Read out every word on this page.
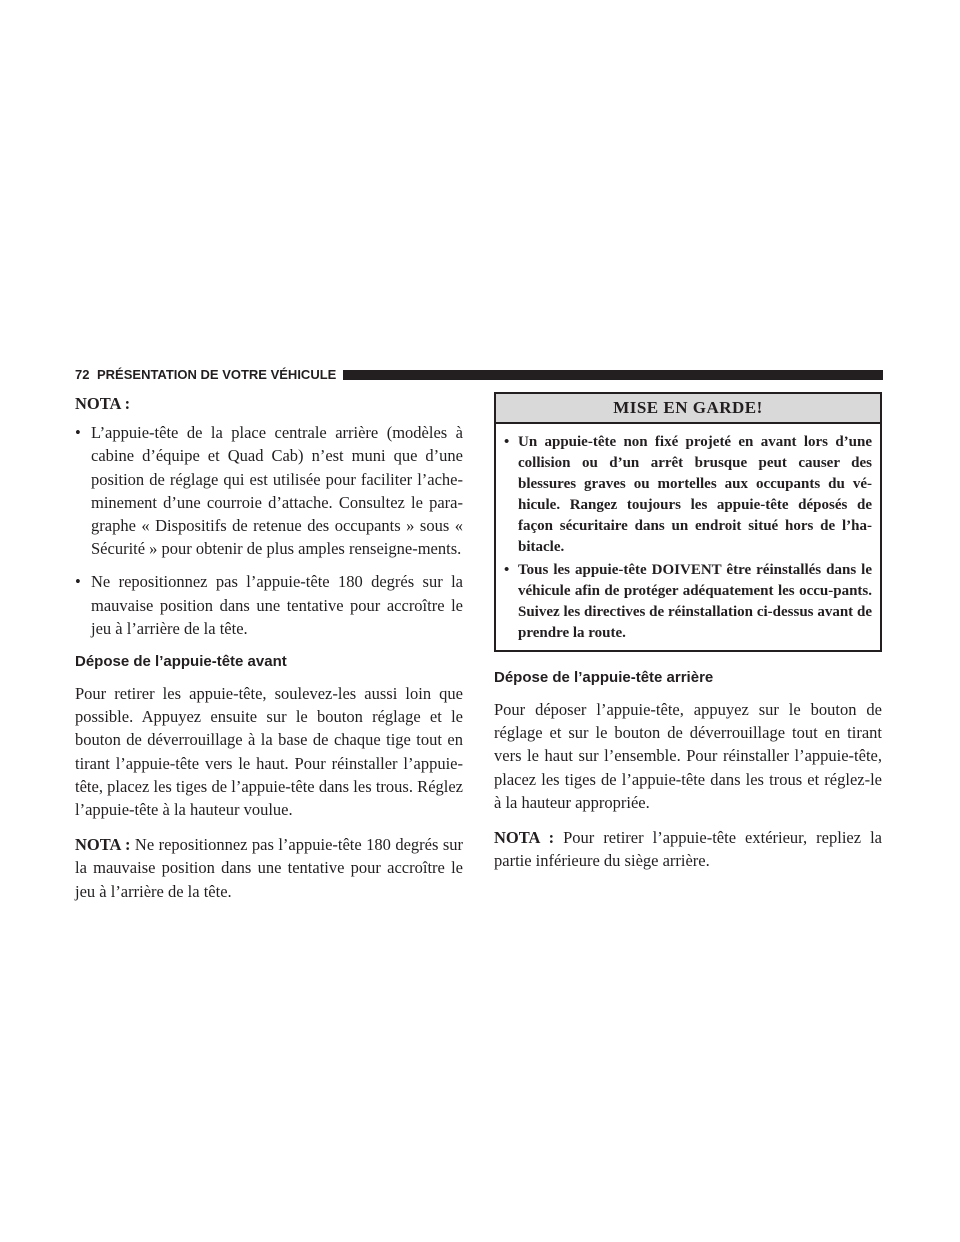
72 PRÉSENTATION DE VOTRE VÉHICULE
NOTA :
• L’appuie-tête de la place centrale arrière (modèles à cabine d’équipe et Quad Cab) n’est muni que d’une position de réglage qui est utilisée pour faciliter l’ache-minement d’une courroie d’attache. Consultez le para-graphe « Dispositifs de retenue des occupants » sous « Sécurité » pour obtenir de plus amples renseigne-ments.
• Ne repositionnez pas l’appuie-tête 180 degrés sur la mauvaise position dans une tentative pour accroître le jeu à l’arrière de la tête.
Dépose de l’appuie-tête avant

Pour retirer les appuie-tête, soulevez-les aussi loin que possible. Appuyez ensuite sur le bouton réglage et le bouton de déverrouillage à la base de chaque tige tout en tirant l’appuie-tête vers le haut. Pour réinstaller l’appuie-tête, placez les tiges de l’appuie-tête dans les trous. Réglez l’appuie-tête à la hauteur voulue.

NOTA : Ne repositionnez pas l’appuie-tête 180 degrés sur la mauvaise position dans une tentative pour accroître le jeu à l’arrière de la tête.

MISE EN GARDE!
• Un appuie-tête non fixé projeté en avant lors d’une collision ou d’un arrêt brusque peut causer des blessures graves ou mortelles aux occupants du vé-hicule. Rangez toujours les appuie-tête déposés de façon sécuritaire dans un endroit situé hors de l’ha-bitacle.
• Tous les appuie-tête DOIVENT être réinstallés dans le véhicule afin de protéger adéquatement les occu-pants. Suivez les directives de réinstallation ci-dessus avant de prendre la route.
Dépose de l’appuie-tête arrière

Pour déposer l’appuie-tête, appuyez sur le bouton de réglage et sur le bouton de déverrouillage tout en tirant vers le haut sur l’ensemble. Pour réinstaller l’appuie-tête, placez les tiges de l’appuie-tête dans les trous et réglez-le à la hauteur appropriée.

NOTA : Pour retirer l’appuie-tête extérieur, repliez la partie inférieure du siège arrière.
